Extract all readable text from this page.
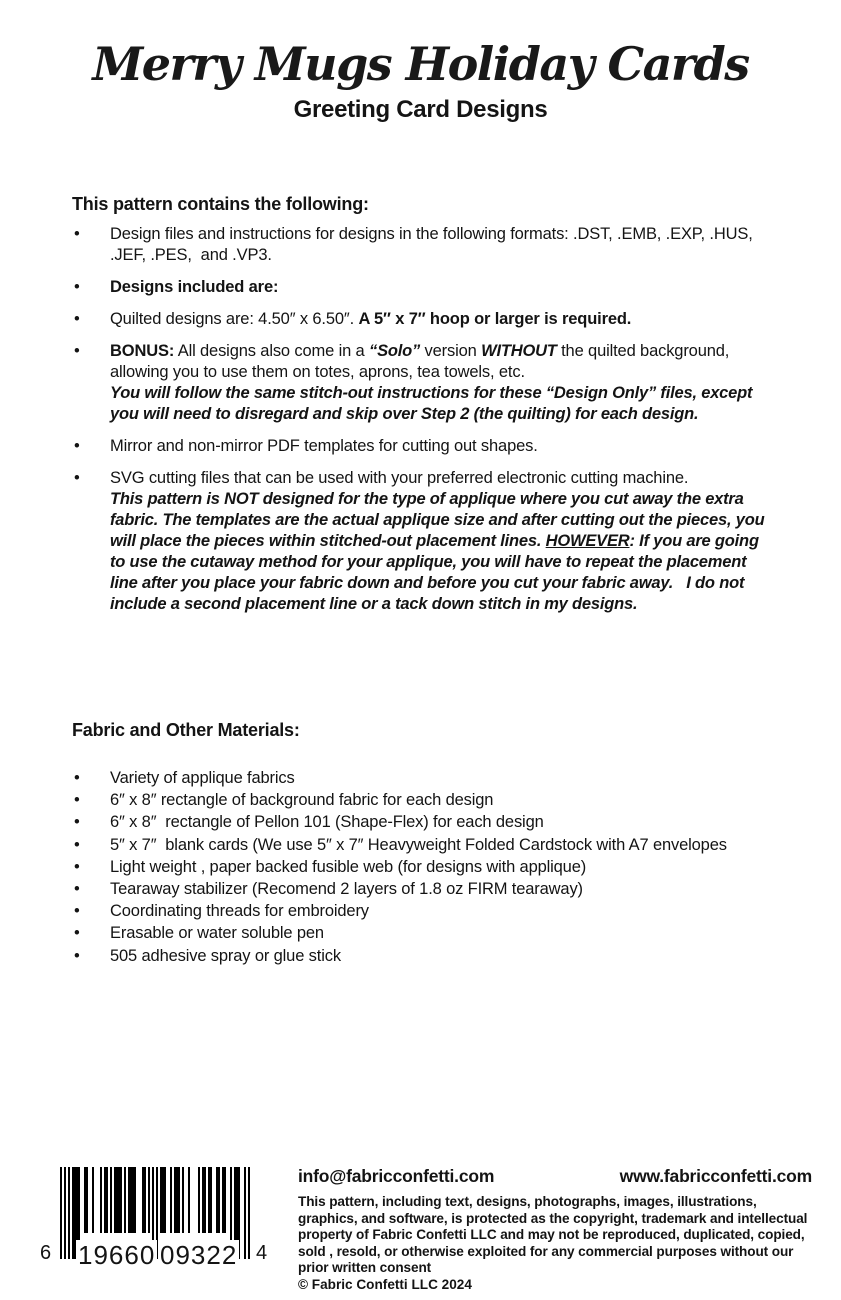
Merry Mugs Holiday Cards
Greeting Card Designs
This pattern contains the following:
• Design files and instructions for designs in the following formats: .DST, .EMB, .EXP, .HUS, .JEF, .PES,  and .VP3.
• Designs included are:
• Quilted designs are: 4.50″ x 6.50″. A 5″ x 7″ hoop or larger is required.
• BONUS: All designs also come in a “Solo” version WITHOUT the quilted background, allowing you to use them on totes, aprons, tea towels, etc.
You will follow the same stitch-out instructions for these “Design Only” files, except you will need to disregard and skip over Step 2 (the quilting) for each design.
• Mirror and non-mirror PDF templates for cutting out shapes.
• SVG cutting files that can be used with your preferred electronic cutting machine.
This pattern is NOT designed for the type of applique where you cut away the extra fabric. The templates are the actual applique size and after cutting out the pieces, you will place the pieces within stitched-out placement lines. HOWEVER: If you are going to use the cutaway method for your applique, you will have to repeat the placement line after you place your fabric down and before you cut your fabric away.   I do not include a second placement line or a tack down stitch in my designs.
Fabric and Other Materials:
• Variety of applique fabrics
• 6″ x 8″ rectangle of background fabric for each design
• 6″ x 8″  rectangle of Pellon 101 (Shape-Flex) for each design
• 5″ x 7″  blank cards (We use 5″ x 7″ Heavyweight Folded Cardstock with A7 envelopes
• Light weight , paper backed fusible web (for designs with applique)
• Tearaway stabilizer (Recomend 2 layers of 1.8 oz FIRM tearaway)
• Coordinating threads for embroidery
• Erasable or water soluble pen
• 505 adhesive spray or glue stick
6 19660 09322 4
info@fabricconfetti.com	www.fabricconfetti.com
This pattern, including text, designs, photographs, images, illustrations, graphics, and software, is protected as the copyright, trademark and intellectual property of Fabric Confetti LLC and may not be reproduced, duplicated, copied, sold , resold, or otherwise exploited for any commercial purposes without our prior written consent
© Fabric Confetti LLC 2024
